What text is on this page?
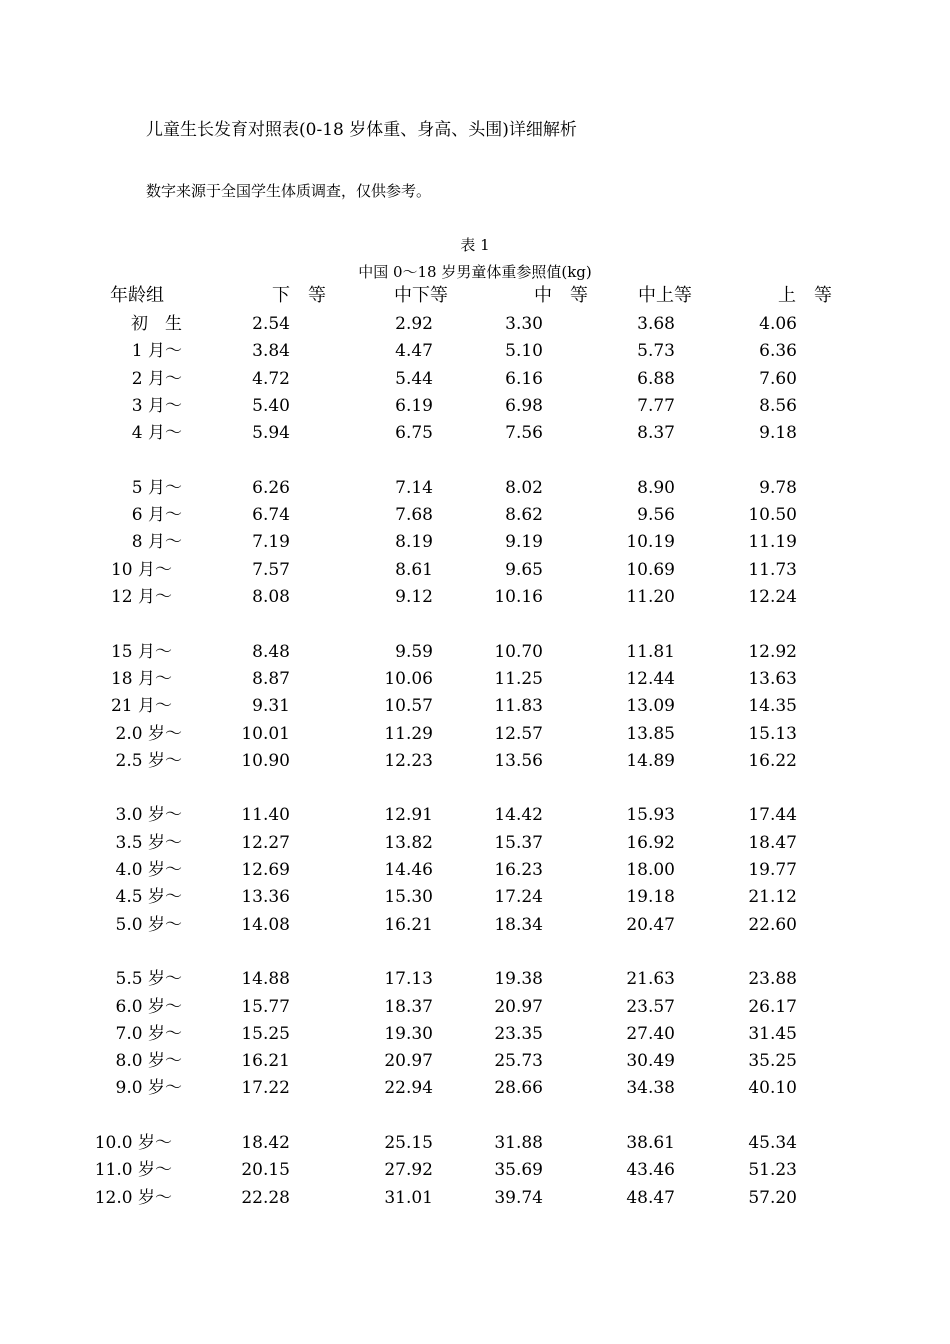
儿童生长发育对照表(0-18 岁体重、身高、头围)详细解析
数字来源于全国学生体质调查，仅供参考。
表 1
中国 0～18 岁男童体重参照值(kg)
年龄组	下　等	中下等	中　等	中上等	上　等
初　生	2.54	2.92	3.30	3.68	4.06
1 月～	3.84	4.47	5.10	5.73	6.36
2 月～	4.72	5.44	6.16	6.88	7.60
3 月～	5.40	6.19	6.98	7.77	8.56
4 月～	5.94	6.75	7.56	8.37	9.18
5 月～	6.26	7.14	8.02	8.90	9.78
6 月～	6.74	7.68	8.62	9.56	10.50
8 月～	7.19	8.19	9.19	10.19	11.19
10 月～	7.57	8.61	9.65	10.69	11.73
12 月～	8.08	9.12	10.16	11.20	12.24
15 月～	8.48	9.59	10.70	11.81	12.92
18 月～	8.87	10.06	11.25	12.44	13.63
21 月～	9.31	10.57	11.83	13.09	14.35
2.0 岁～	10.01	11.29	12.57	13.85	15.13
2.5 岁～	10.90	12.23	13.56	14.89	16.22
3.0 岁～	11.40	12.91	14.42	15.93	17.44
3.5 岁～	12.27	13.82	15.37	16.92	18.47
4.0 岁～	12.69	14.46	16.23	18.00	19.77
4.5 岁～	13.36	15.30	17.24	19.18	21.12
5.0 岁～	14.08	16.21	18.34	20.47	22.60
5.5 岁～	14.88	17.13	19.38	21.63	23.88
6.0 岁～	15.77	18.37	20.97	23.57	26.17
7.0 岁～	15.25	19.30	23.35	27.40	31.45
8.0 岁～	16.21	20.97	25.73	30.49	35.25
9.0 岁～	17.22	22.94	28.66	34.38	40.10
10.0 岁～	18.42	25.15	31.88	38.61	45.34
11.0 岁～	20.15	27.92	35.69	43.46	51.23
12.0 岁～	22.28	31.01	39.74	48.47	57.20
